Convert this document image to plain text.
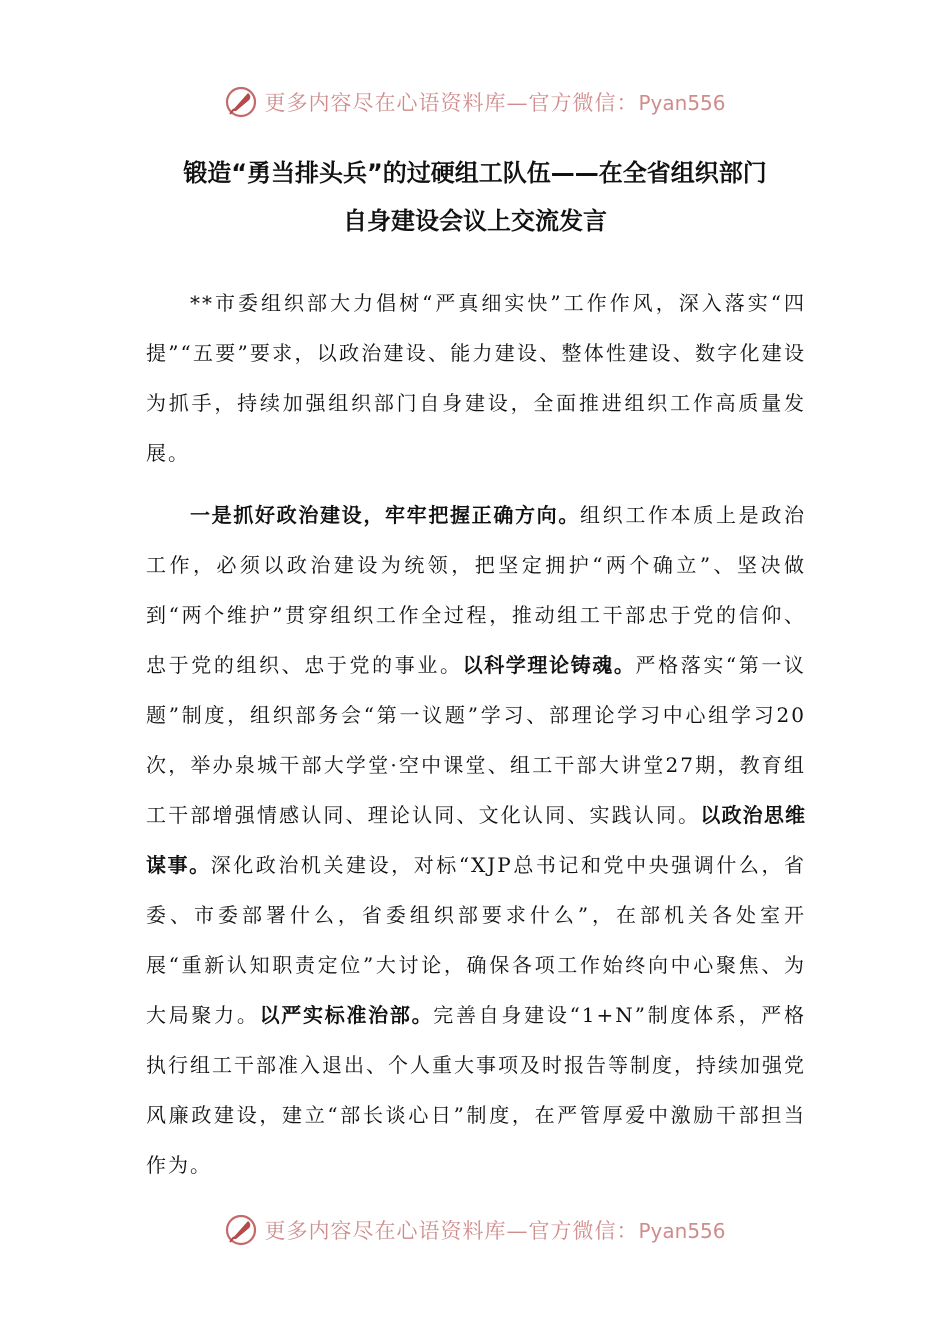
更多内容尽在心语资料库—官方微信：Pyan556
锻造“勇当排头兵”的过硬组工队伍——在全省组织部门
自身建设会议上交流发言

**市委组织部大力倡树“严真细实快”工作作风，深入落实“四提”“五要”要求，以政治建设、能力建设、整体性建设、数字化建设为抓手，持续加强组织部门自身建设，全面推进组织工作高质量发展。

一是抓好政治建设，牢牢把握正确方向。组织工作本质上是政治工作，必须以政治建设为统领，把坚定拥护“两个确立”、坚决做到“两个维护”贯穿组织工作全过程，推动组工干部忠于党的信仰、忠于党的组织、忠于党的事业。以科学理论铸魂。严格落实“第一议题”制度，组织部务会“第一议题”学习、部理论学习中心组学习20次，举办泉城干部大学堂·空中课堂、组工干部大讲堂27期，教育组工干部增强情感认同、理论认同、文化认同、实践认同。以政治思维谋事。深化政治机关建设，对标“XJP总书记和党中央强调什么，省委、市委部署什么，省委组织部要求什么”，在部机关各处室开展“重新认知职责定位”大讨论，确保各项工作始终向中心聚焦、为大局聚力。以严实标准治部。完善自身建设“1+N”制度体系，严格执行组工干部准入退出、个人重大事项及时报告等制度，持续加强党风廉政建设，建立“部长谈心日”制度，在严管厚爱中激励干部担当作为。

更多内容尽在心语资料库—官方微信：Pyan556
